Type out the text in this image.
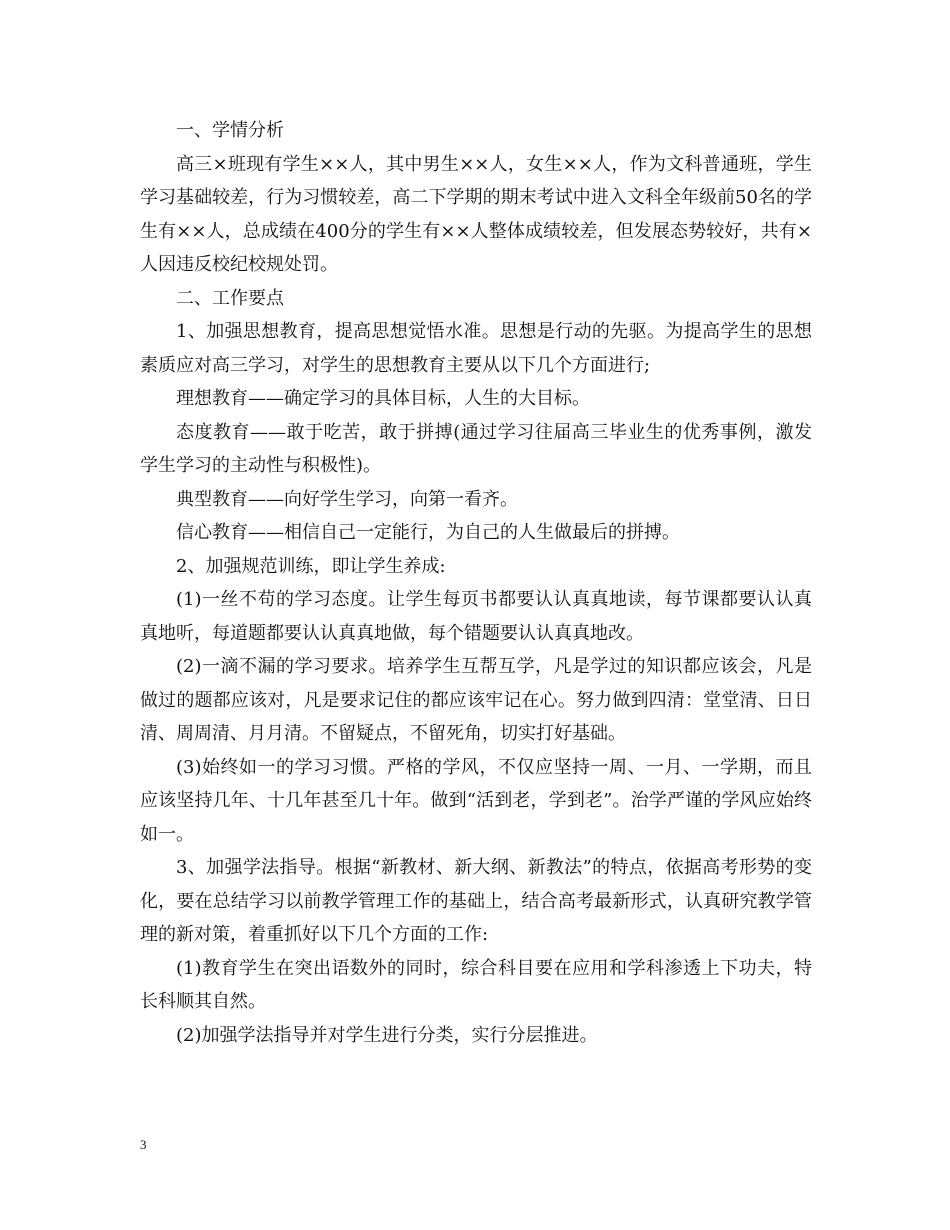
一、学情分析

高三×班现有学生××人，其中男生××人，女生××人，作为文科普通班，学生学习基础较差，行为习惯较差，高二下学期的期末考试中进入文科全年级前50名的学生有××人，总成绩在400分的学生有××人整体成绩较差，但发展态势较好，共有×人因违反校纪校规处罚。

二、工作要点

1、加强思想教育，提高思想觉悟水准。思想是行动的先驱。为提高学生的思想素质应对高三学习，对学生的思想教育主要从以下几个方面进行;

理想教育——确定学习的具体目标，人生的大目标。

态度教育——敢于吃苦，敢于拼搏(通过学习往届高三毕业生的优秀事例，激发学生学习的主动性与积极性)。

典型教育——向好学生学习，向第一看齐。

信心教育——相信自己一定能行，为自己的人生做最后的拼搏。

2、加强规范训练，即让学生养成:

(1)一丝不苟的学习态度。让学生每页书都要认认真真地读，每节课都要认认真真地听，每道题都要认认真真地做，每个错题要认认真真地改。

(2)一滴不漏的学习要求。培养学生互帮互学，凡是学过的知识都应该会，凡是做过的题都应该对，凡是要求记住的都应该牢记在心。努力做到四清：堂堂清、日日清、周周清、月月清。不留疑点，不留死角，切实打好基础。

(3)始终如一的学习习惯。严格的学风，不仅应坚持一周、一月、一学期，而且应该坚持几年、十几年甚至几十年。做到“活到老，学到老”。治学严谨的学风应始终如一。

3、加强学法指导。根据“新教材、新大纲、新教法”的特点，依据高考形势的变化，要在总结学习以前教学管理工作的基础上，结合高考最新形式，认真研究教学管理的新对策，着重抓好以下几个方面的工作:

(1)教育学生在突出语数外的同时，综合科目要在应用和学科渗透上下功夫，特长科顺其自然。

(2)加强学法指导并对学生进行分类，实行分层推进。

3
